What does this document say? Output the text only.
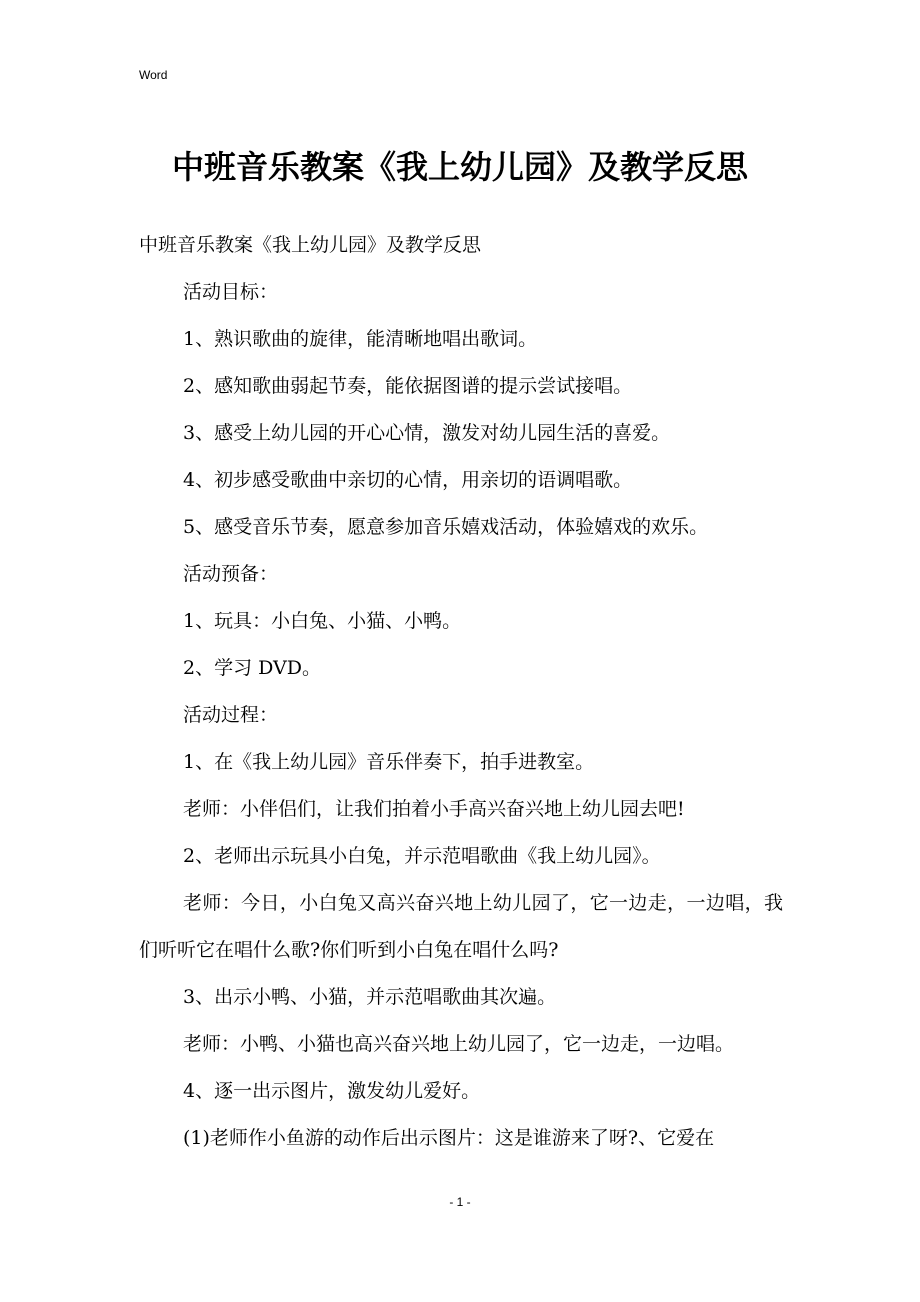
Word
中班音乐教案《我上幼儿园》及教学反思

中班音乐教案《我上幼儿园》及教学反思

活动目标：

1、熟识歌曲的旋律，能清晰地唱出歌词。

2、感知歌曲弱起节奏，能依据图谱的提示尝试接唱。

3、感受上幼儿园的开心心情，激发对幼儿园生活的喜爱。

4、初步感受歌曲中亲切的心情，用亲切的语调唱歌。

5、感受音乐节奏，愿意参加音乐嬉戏活动，体验嬉戏的欢乐。

活动预备：

1、玩具：小白兔、小猫、小鸭。

2、学习 DVD。

活动过程：

1、在《我上幼儿园》音乐伴奏下，拍手进教室。

老师：小伴侣们，让我们拍着小手高兴奋兴地上幼儿园去吧!

2、老师出示玩具小白兔，并示范唱歌曲《我上幼儿园》。

老师：今日，小白兔又高兴奋兴地上幼儿园了，它一边走，一边唱，我们听听它在唱什么歌?你们听到小白兔在唱什么吗?

3、出示小鸭、小猫，并示范唱歌曲其次遍。

老师：小鸭、小猫也高兴奋兴地上幼儿园了，它一边走，一边唱。

4、逐一出示图片，激发幼儿爱好。

(1)老师作小鱼游的动作后出示图片：这是谁游来了呀?、它爱在

- 1 -
